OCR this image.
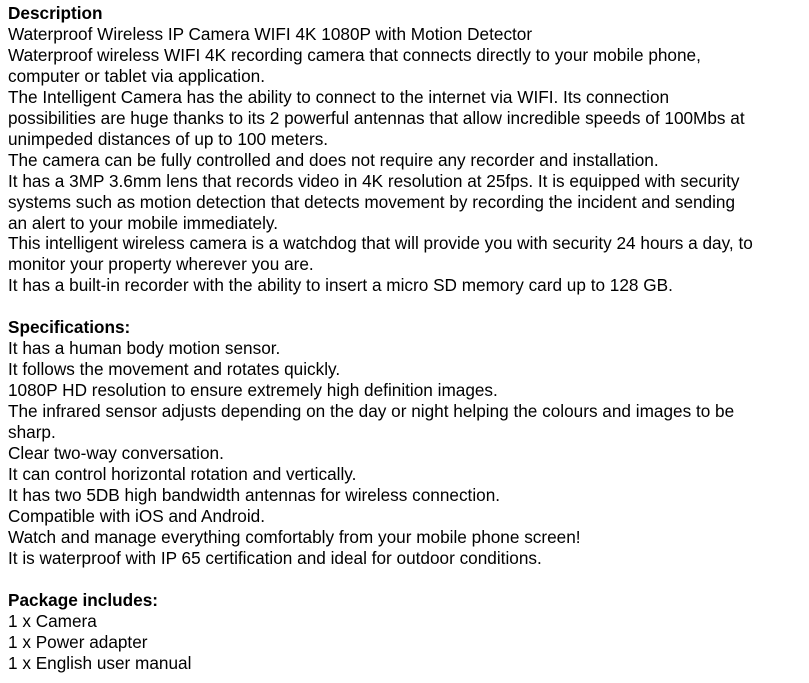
Description

Waterproof Wireless IP Camera WIFI 4K 1080P with Motion Detector

Waterproof wireless WIFI 4K recording camera that connects directly to your mobile phone,

computer or tablet via application.

The Intelligent Camera has the ability to connect to the internet via WIFI. Its connection

possibilities are huge thanks to its 2 powerful antennas that allow incredible speeds of 100Mbs at

unimpeded distances of up to 100 meters.

The camera can be fully controlled and does not require any recorder and installation.

It has a 3MP 3.6mm lens that records video in 4K resolution at 25fps. It is equipped with security

systems such as motion detection that detects movement by recording the incident and sending

an alert to your mobile immediately.

This intelligent wireless camera is a watchdog that will provide you with security 24 hours a day, to

monitor your property wherever you are.

It has a built-in recorder with the ability to insert a micro SD memory card up to 128 GB.

Specifications:

It has a human body motion sensor.

It follows the movement and rotates quickly.

1080P HD resolution to ensure extremely high definition images.

The infrared sensor adjusts depending on the day or night helping the colours and images to be

sharp.

Clear two-way conversation.

It can control horizontal rotation and vertically.

It has two 5DB high bandwidth antennas for wireless connection.

Compatible with iOS and Android.

Watch and manage everything comfortably from your mobile phone screen!

It is waterproof with IP 65 certification and ideal for outdoor conditions.

Package includes:

1 x Camera

1 x Power adapter

1 x English user manual
